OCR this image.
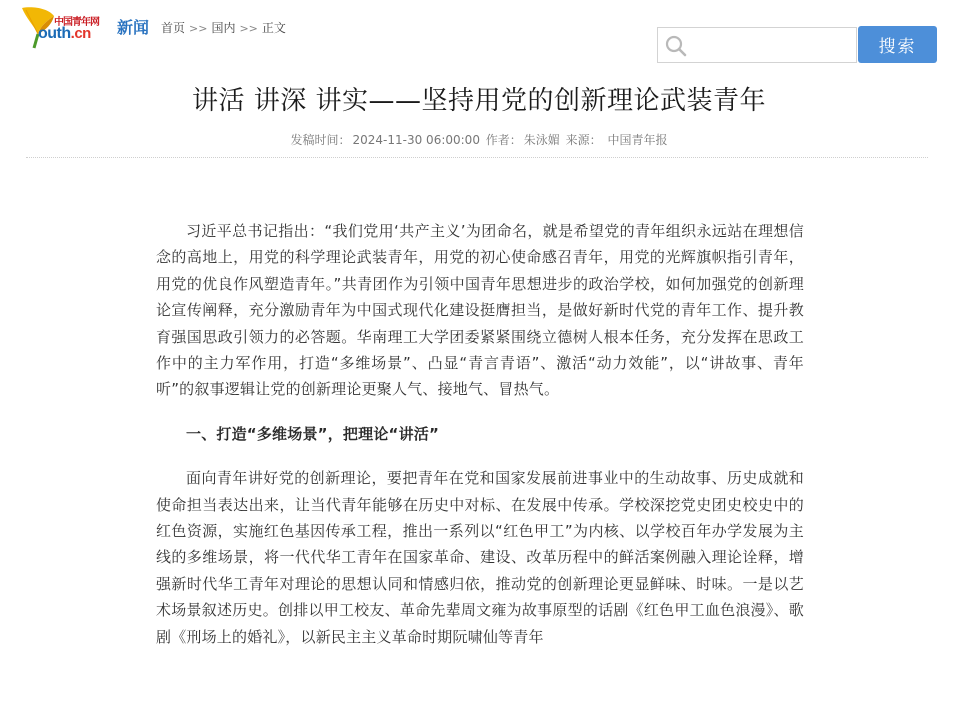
中国青年网
outh.cn 新闻 首页 >> 国内 >> 正文
搜索
讲活 讲深 讲实——坚持用党的创新理论武装青年
发稿时间： 2024-11-30 06:00:00 作者： 朱泳媚 来源： 中国青年报

习近平总书记指出：“我们党用‘共产主义’为团命名，就是希望党的青年组织永远站在理想信念的高地上，用党的科学理论武装青年，用党的初心使命感召青年，用党的光辉旗帜指引青年，用党的优良作风塑造青年。”共青团作为引领中国青年思想进步的政治学校，如何加强党的创新理论宣传阐释，充分激励青年为中国式现代化建设挺膺担当，是做好新时代党的青年工作、提升教育强国思政引领力的必答题。华南理工大学团委紧紧围绕立德树人根本任务，充分发挥在思政工作中的主力军作用，打造“多维场景”、凸显“青言青语”、激活“动力效能”，以“讲故事、青年听”的叙事逻辑让党的创新理论更聚人气、接地气、冒热气。

一、打造“多维场景”，把理论“讲活”

面向青年讲好党的创新理论，要把青年在党和国家发展前进事业中的生动故事、历史成就和使命担当表达出来，让当代青年能够在历史中对标、在发展中传承。学校深挖党史团史校史中的红色资源，实施红色基因传承工程，推出一系列以“红色甲工”为内核、以学校百年办学发展为主线的多维场景，将一代代华工青年在国家革命、建设、改革历程中的鲜活案例融入理论诠释，增强新时代华工青年对理论的思想认同和情感归依，推动党的创新理论更显鲜味、时味。一是以艺术场景叙述历史。创排以甲工校友、革命先辈周文雍为故事原型的话剧《红色甲工血色浪漫》、歌剧《刑场上的婚礼》，以新民主主义革命时期阮啸仙等青年
